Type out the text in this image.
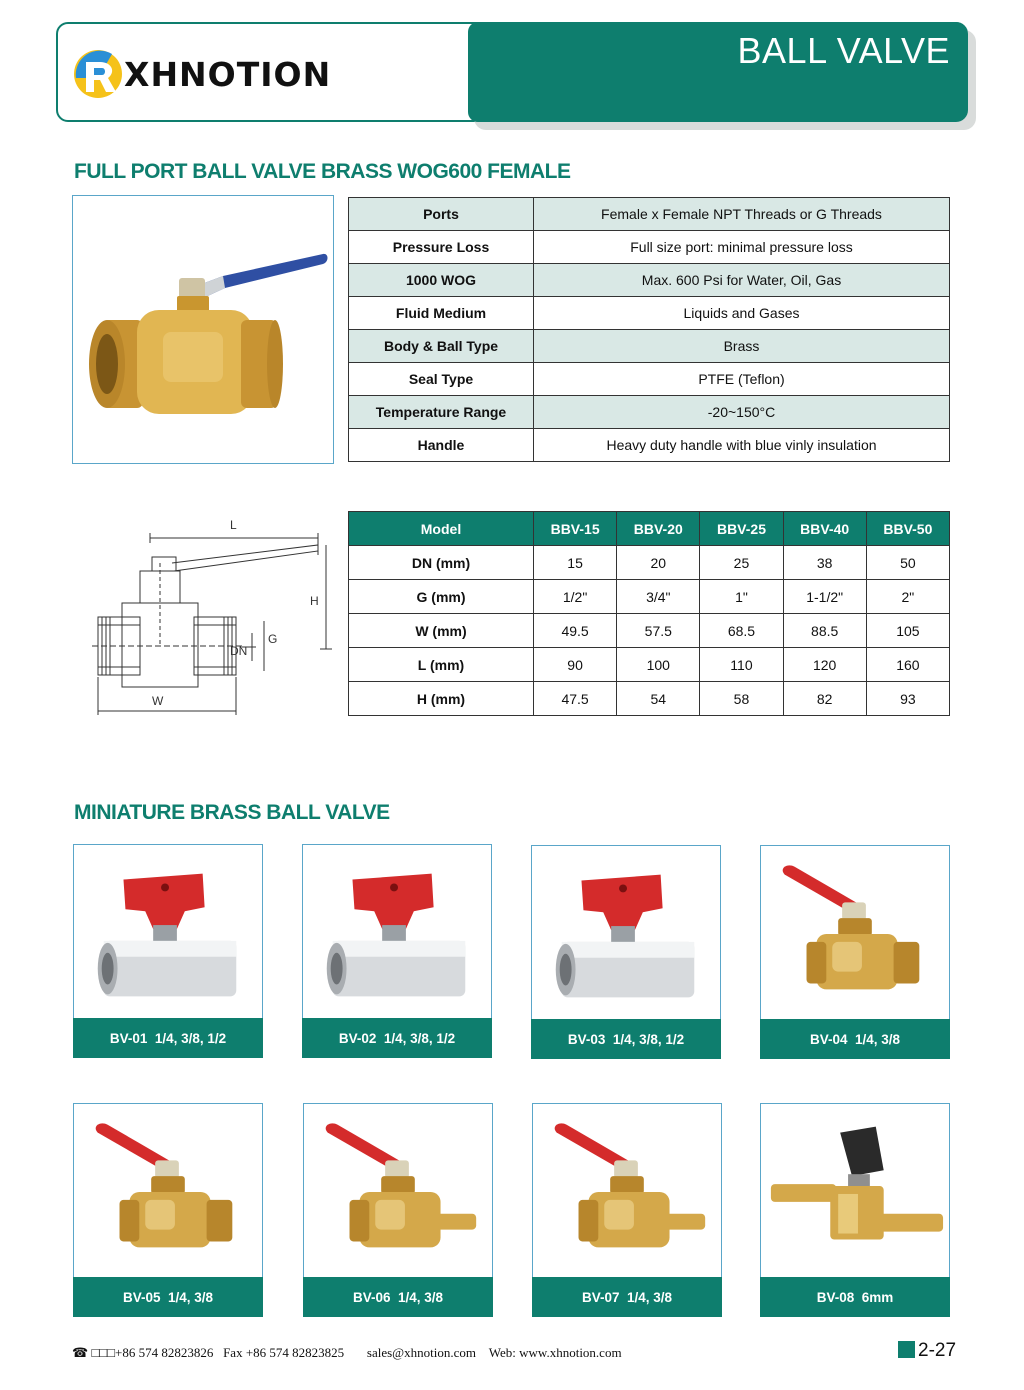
BALL VALVE
XHNOTION
FULL PORT BALL VALVE BRASS WOG600 FEMALE
Ports	Female x Female NPT Threads or G Threads
Pressure Loss	Full size port: minimal pressure loss
1000 WOG	Max. 600 Psi for Water, Oil, Gas
Fluid Medium	Liquids and Gases
Body & Ball Type	Brass
Seal Type	PTFE (Teflon)
Temperature Range	-20~150°C
Handle	Heavy duty handle with blue vinly insulation
L
H
G
DN
W
Model	BBV-15	BBV-20	BBV-25	BBV-40	BBV-50
DN (mm)	15	20	25	38	50
G (mm)	1/2"	3/4"	1"	1-1/2"	2"
W (mm)	49.5	57.5	68.5	88.5	105
L (mm)	90	100	110	120	160
H (mm)	47.5	54	58	82	93
MINIATURE BRASS BALL VALVE
BV-01  1/4, 3/8, 1/2	BV-02  1/4, 3/8, 1/2	BV-03  1/4, 3/8, 1/2	BV-04  1/4, 3/8
BV-05  1/4, 3/8	BV-06  1/4, 3/8	BV-07  1/4, 3/8	BV-08  6mm
☎ □□□+86 574 82823826   Fax +86 574 82823825       sales@xhnotion.com    Web: www.xhnotion.com	2-27
